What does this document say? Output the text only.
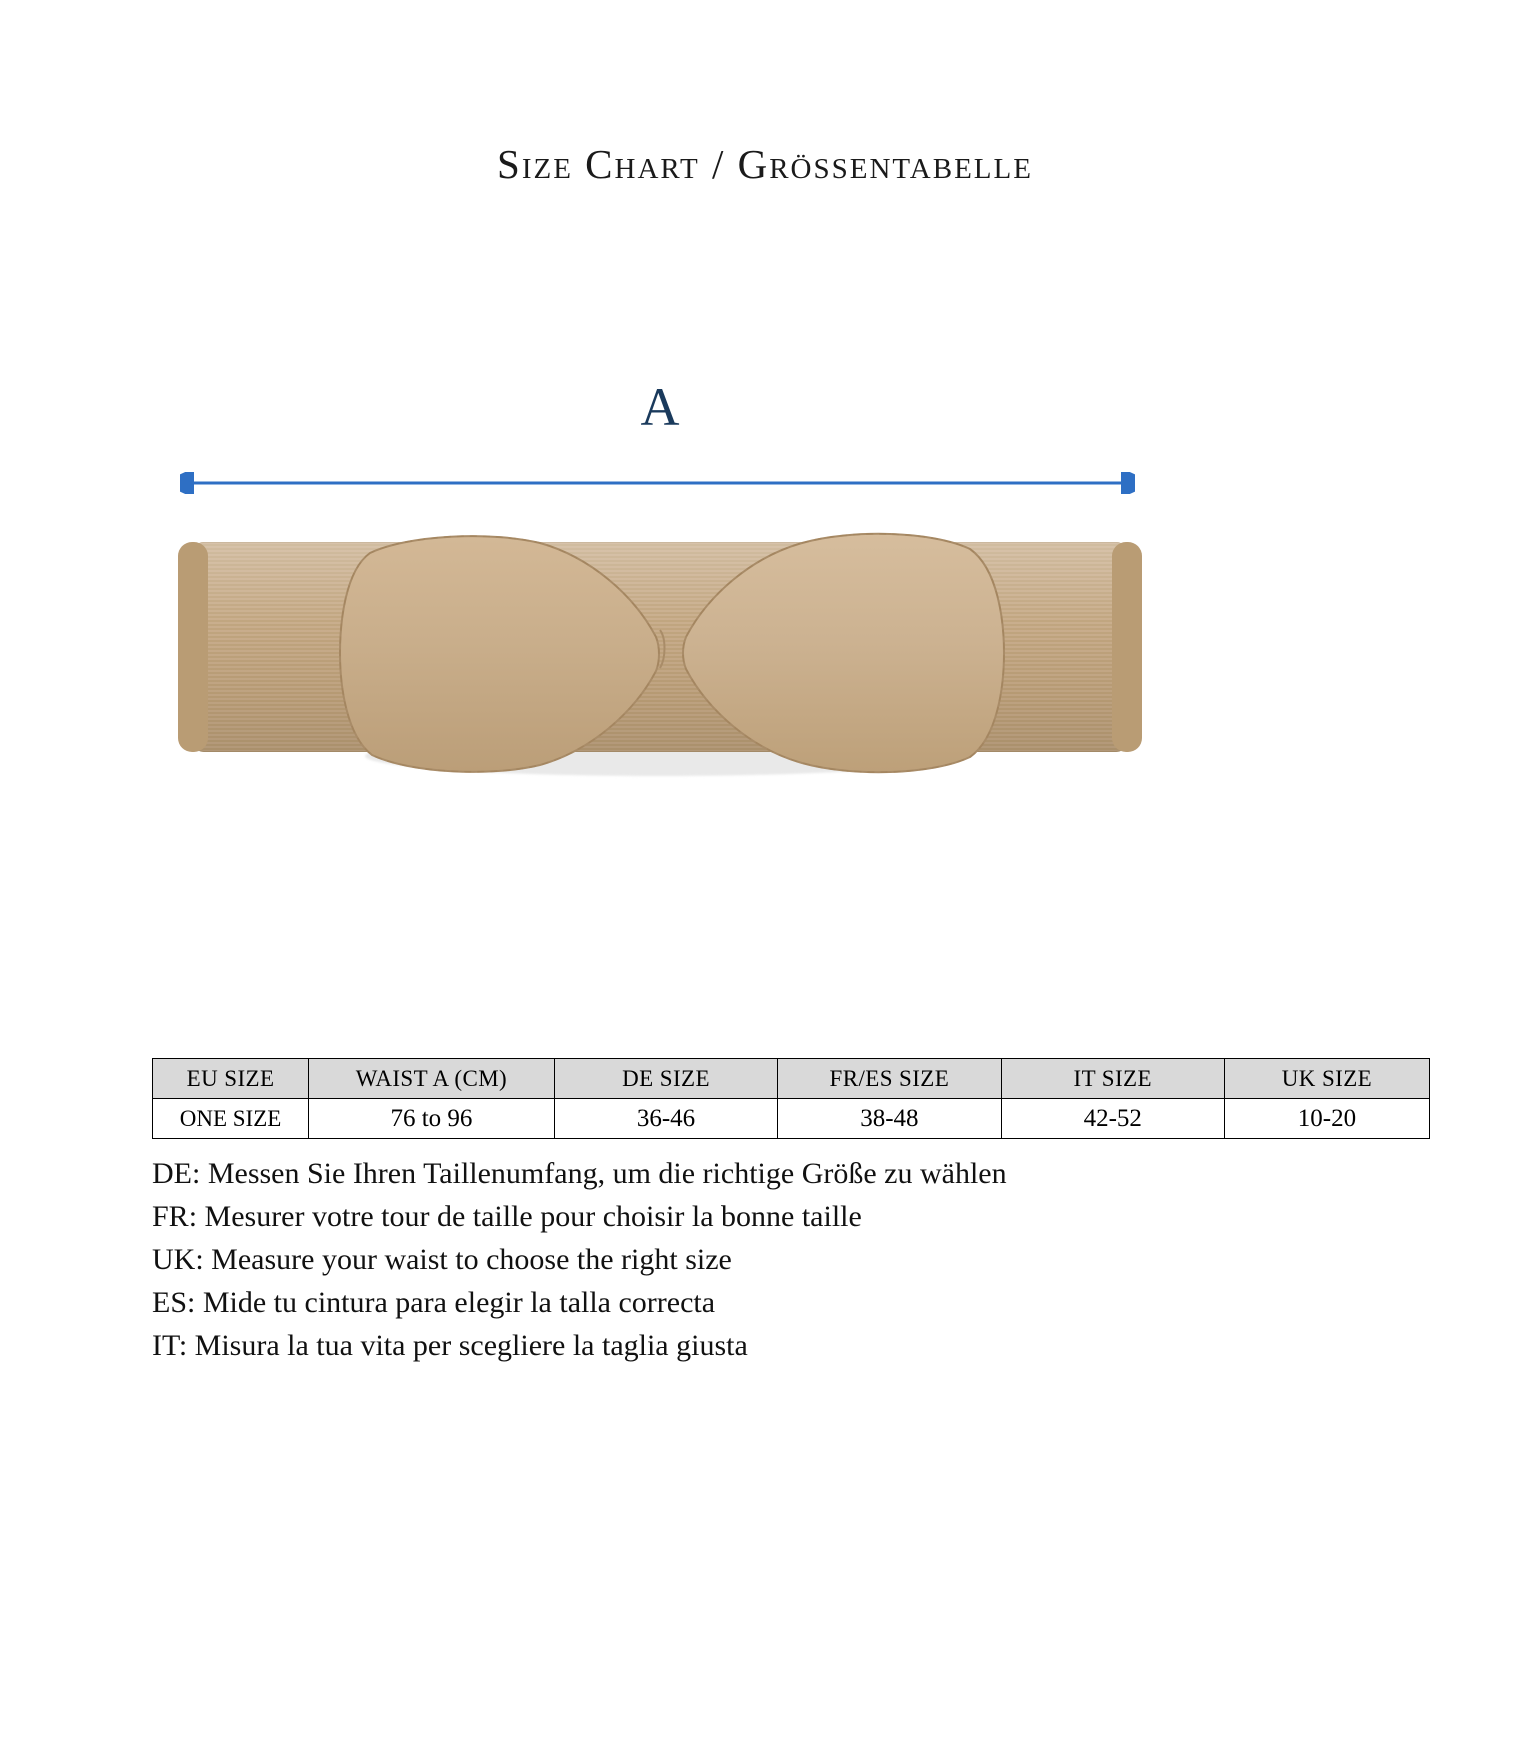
Size Chart / Grössentabelle
A
EU SIZE	WAIST A (CM)	DE SIZE	FR/ES SIZE	IT SIZE	UK SIZE
ONE SIZE	76 to 96	36-46	38-48	42-52	10-20
DE: Messen Sie Ihren Taillenumfang, um die richtige Größe zu wählen
FR: Mesurer votre tour de taille pour choisir la bonne taille
UK: Measure your waist to choose the right size
ES: Mide tu cintura para elegir la talla correcta
IT: Misura la tua vita per scegliere la taglia giusta
